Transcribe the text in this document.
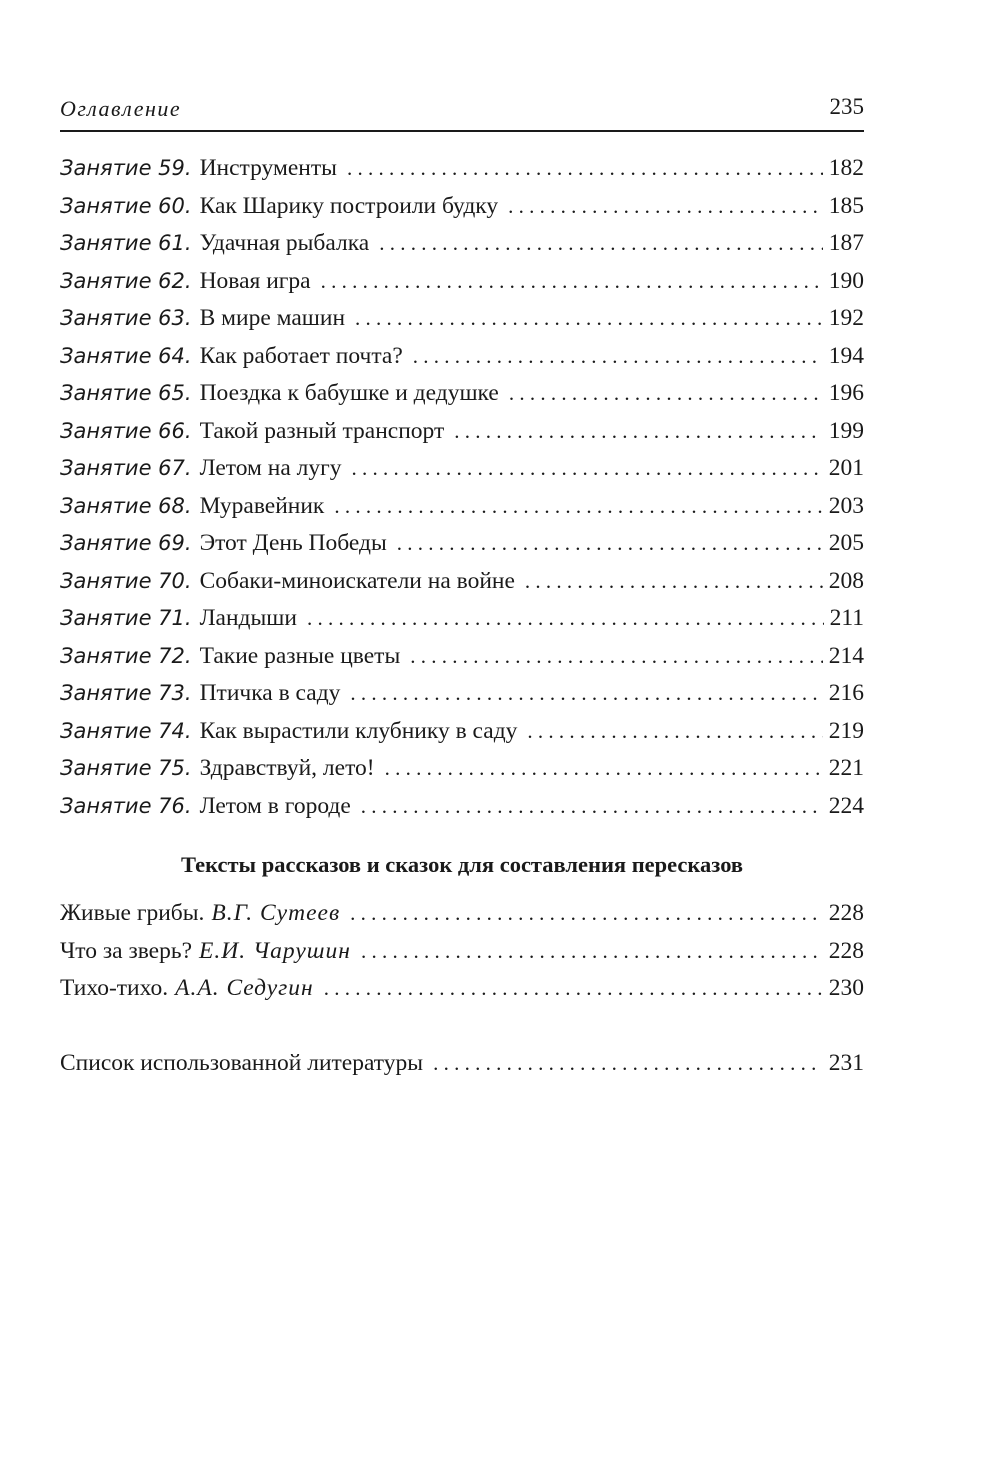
Оглавление	235
Занятие 59. Инструменты . . .	182
Занятие 60. Как Шарику построили будку . . .	185
Занятие 61. Удачная рыбалка . . .	187
Занятие 62. Новая игра . . .	190
Занятие 63. В мире машин . . .	192
Занятие 64. Как работает почта? . . .	194
Занятие 65. Поездка к бабушке и дедушке . . .	196
Занятие 66. Такой разный транспорт . . .	199
Занятие 67. Летом на лугу . . .	201
Занятие 68. Муравейник . . .	203
Занятие 69. Этот День Победы . . .	205
Занятие 70. Собаки-миноискатели на войне . . .	208
Занятие 71. Ландыши . . .	211
Занятие 72. Такие разные цветы . . .	214
Занятие 73. Птичка в саду . . .	216
Занятие 74. Как вырастили клубнику в саду . . .	219
Занятие 75. Здравствуй, лето! . . .	221
Занятие 76. Летом в городе . . .	224
Тексты рассказов и сказок для составления пересказов
Живые грибы. В.Г. Сутеев . . .	228
Что за зверь? Е.И. Чарушин . . .	228
Тихо-тихо. А.А. Седугин . . .	230
Список использованной литературы . . .	231
